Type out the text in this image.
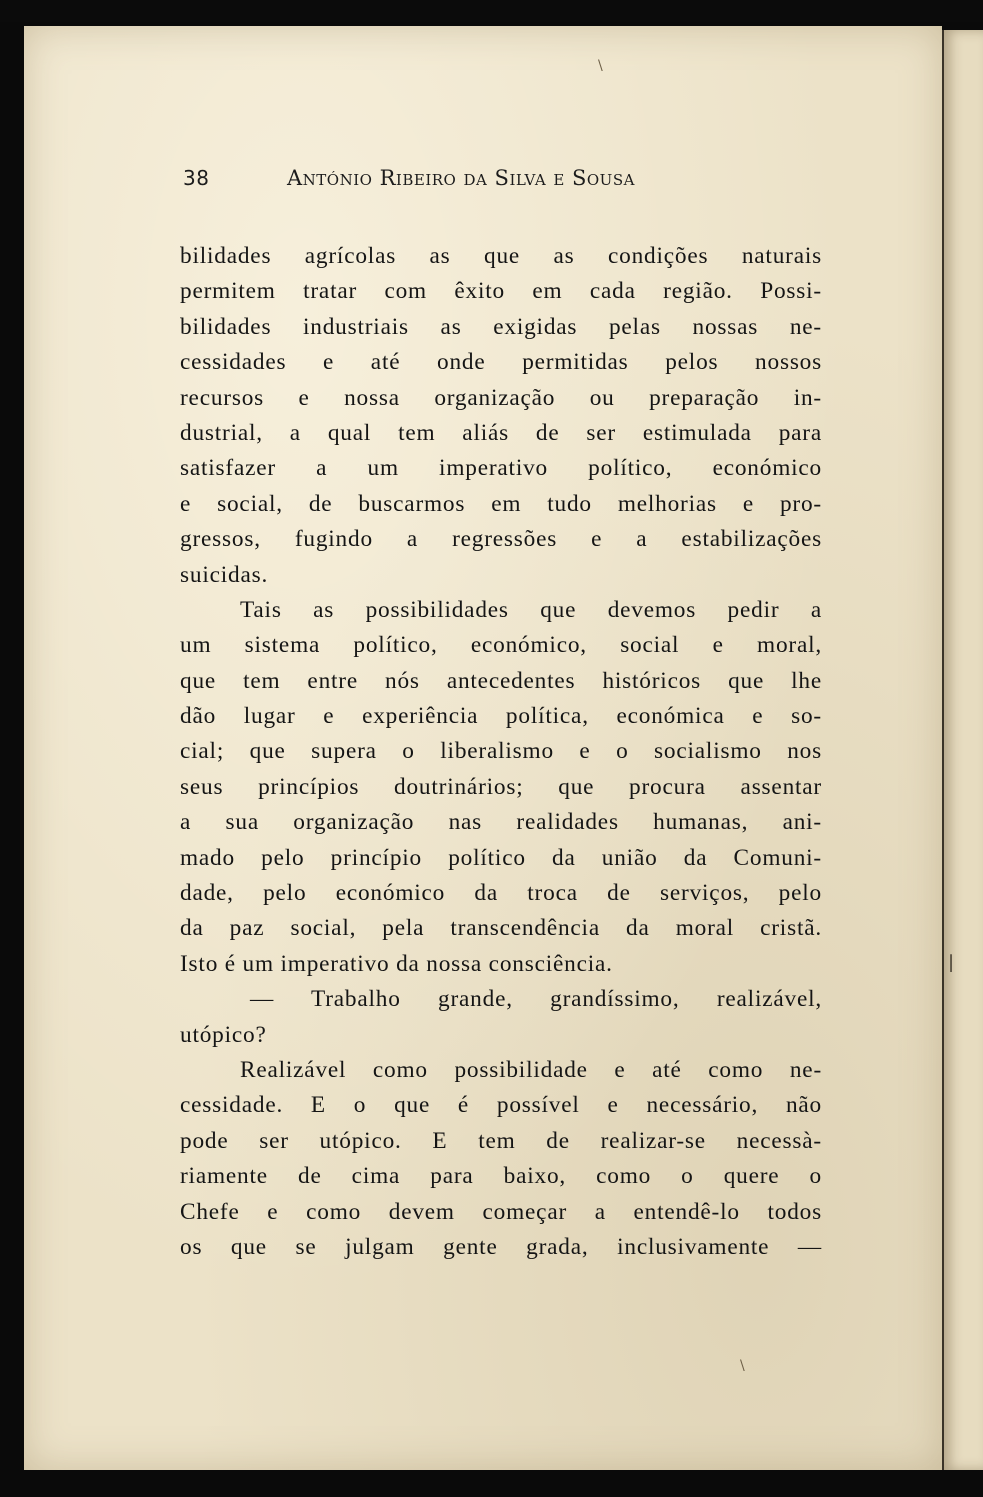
|
\
\
38	António Ribeiro da Silva e Sousa
bilidades agrícolas as que as condições naturais
permitem tratar com êxito em cada região. Possi-
bilidades industriais as exigidas pelas nossas ne-
cessidades e até onde permitidas pelos nossos
recursos e nossa organização ou preparação in-
dustrial, a qual tem aliás de ser estimulada para
satisfazer a um imperativo político, económico
e social, de buscarmos em tudo melhorias e pro-
gressos, fugindo a regressões e a estabilizações
suicidas.
Tais as possibilidades que devemos pedir a
um sistema político, económico, social e moral,
que tem entre nós antecedentes históricos que lhe
dão lugar e experiência política, económica e so-
cial; que supera o liberalismo e o socialismo nos
seus princípios doutrinários; que procura assentar
a sua organização nas realidades humanas, ani-
mado pelo princípio político da união da Comuni-
dade, pelo económico da troca de serviços, pelo
da paz social, pela transcendência da moral cristã.
Isto é um imperativo da nossa consciência.
— Trabalho grande, grandíssimo, realizável,
utópico?
Realizável como possibilidade e até como ne-
cessidade. E o que é possível e necessário, não
pode ser utópico. E tem de realizar-se necessà-
riamente de cima para baixo, como o quere o
Chefe e como devem começar a entendê-lo todos
os que se julgam gente grada, inclusivamente —
